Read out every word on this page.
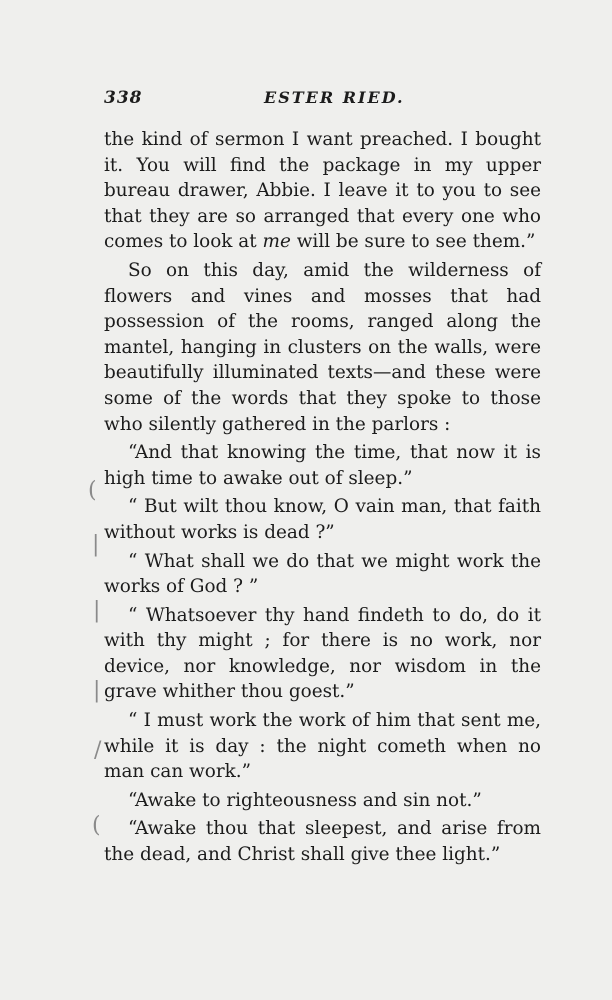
338	ESTER RIED.

the kind of sermon I want preached. I bought it. You will find the package in my upper bureau drawer, Abbie. I leave it to you to see that they are so arranged that every one who comes to look at me will be sure to see them.”

So on this day, amid the wilderness of flowers and vines and mosses that had possession of the rooms, ranged along the mantel, hanging in clusters on the walls, were beautifully illuminated texts—and these were some of the words that they spoke to those who silently gathered in the parlors :

“And that knowing the time, that now it is high time to awake out of sleep.”

“ But wilt thou know, O vain man, that faith without works is dead ?”

“ What shall we do that we might work the works of God ? ”

“ Whatsoever thy hand findeth to do, do it with thy might ; for there is no work, nor device, nor knowledge, nor wisdom in the grave whither thou goest.”

“ I must work the work of him that sent me, while it is day : the night cometh when no man can work.”

“Awake to righteousness and sin not.”

“Awake thou that sleepest, and arise from the dead, and Christ shall give thee light.”

(
|
|
|
/
(
